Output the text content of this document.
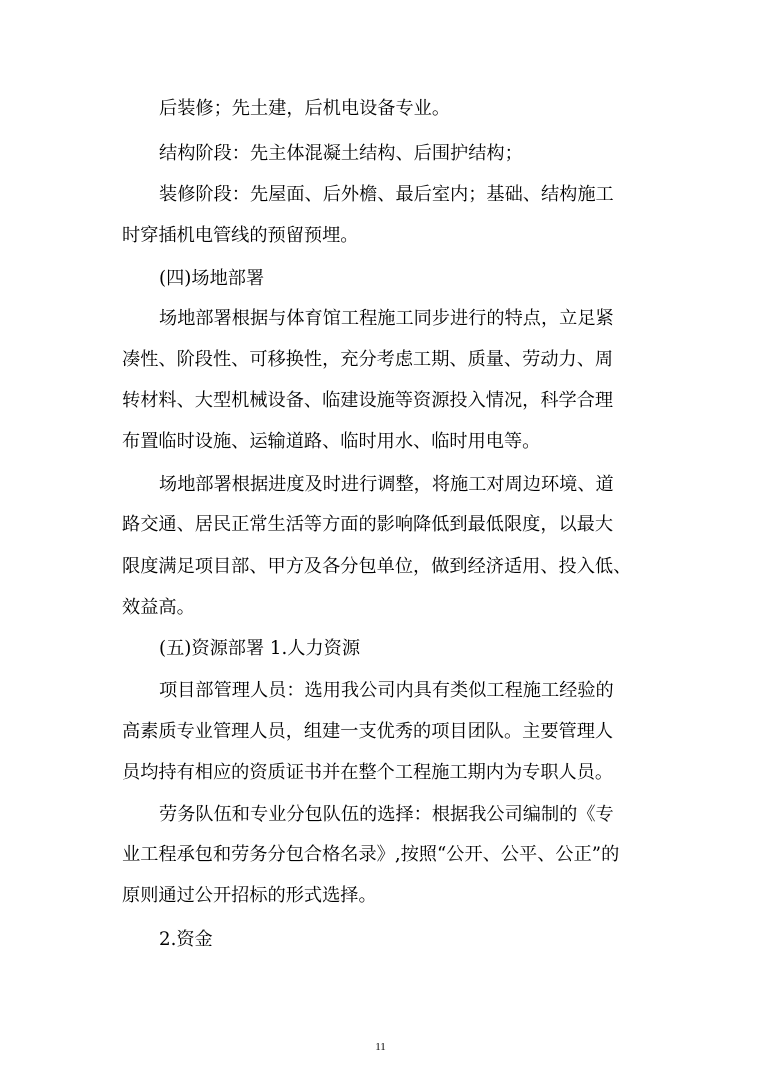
后装修；先土建，后机电设备专业。
结构阶段：先主体混凝土结构、后围护结构；
装修阶段：先屋面、后外檐、最后室内；基础、结构施工
时穿插机电管线的预留预埋。
(四)场地部署
场地部署根据与体育馆工程施工同步进行的特点，立足紧
凑性、阶段性、可移换性，充分考虑工期、质量、劳动力、周
转材料、大型机械设备、临建设施等资源投入情况，科学合理
布置临时设施、运输道路、临时用水、临时用电等。
场地部署根据进度及时进行调整，将施工对周边环境、道
路交通、居民正常生活等方面的影响降低到最低限度，以最大
限度满足项目部、甲方及各分包单位，做到经济适用、投入低、
效益高。
(五)资源部署 1.人力资源
项目部管理人员：选用我公司内具有类似工程施工经验的
高素质专业管理人员，组建一支优秀的项目团队。主要管理人
员均持有相应的资质证书并在整个工程施工期内为专职人员。
劳务队伍和专业分包队伍的选择：根据我公司编制的《专
业工程承包和劳务分包合格名录》,按照“公开、公平、公正”的
原则通过公开招标的形式选择。
2.资金
11
